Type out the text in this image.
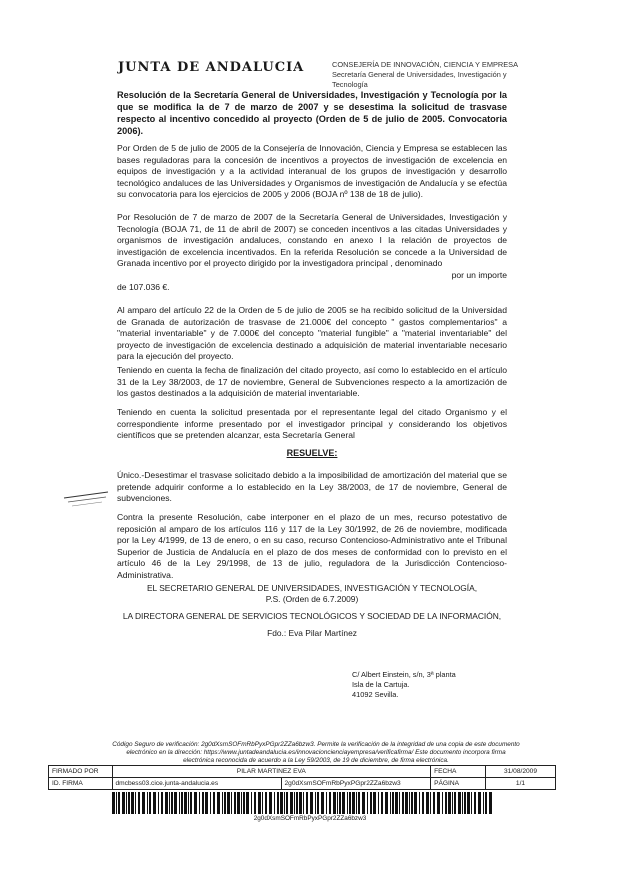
JUNTA DE ANDALUCIA	CONSEJERÍA DE INNOVACIÓN, CIENCIA Y EMPRESA
Secretaría General de Universidades, Investigación y Tecnología
Resolución de la Secretaría General de Universidades, Investigación y Tecnología por la que se modifica la de 7 de marzo de 2007 y se desestima la solicitud de trasvase respecto al incentivo concedido al proyecto (Orden de 5 de julio de 2005. Convocatoria 2006).
Por Orden de 5 de julio de 2005 de la Consejería de Innovación, Ciencia y Empresa se establecen las bases reguladoras para la concesión de incentivos a proyectos de investigación de excelencia en equipos de investigación y a la actividad interanual de los grupos de investigación y desarrollo tecnológico andaluces de las Universidades y Organismos de investigación de Andalucía y se efectúa su convocatoria para los ejercicios de 2005 y 2006 (BOJA nº 138 de 18 de julio).

Por Resolución de 7 de marzo de 2007 de la Secretaría General de Universidades, Investigación y Tecnología (BOJA 71, de 11 de abril de 2007) se conceden incentivos a las citadas Universidades y organismos de investigación andaluces, constando en anexo I la relación de proyectos de investigación de excelencia incentivados. En la referida Resolución se concede a la Universidad de Granada incentivo por el proyecto dirigido por la investigadora principal , denominado

por un importe

de 107.036 €.

Al amparo del artículo 22 de la Orden de 5 de julio de 2005 se ha recibido solicitud de la Universidad de Granada de autorización de trasvase de 21.000€ del concepto " gastos complementarios" a "material inventariable" y de 7.000€ del concepto "material fungible" a "material inventariable" del proyecto de investigación de excelencia destinado a adquisición de material inventariable necesario para la ejecución del proyecto.
Teniendo en cuenta la fecha de finalización del citado proyecto, así como lo establecido en el artículo 31 de la Ley 38/2003, de 17 de noviembre, General de Subvenciones respecto a la amortización de los gastos destinados a la adquisición de material inventariable.
Teniendo en cuenta la solicitud presentada por el representante legal del citado Organismo y el correspondiente informe presentado por el investigador principal y considerando los objetivos científicos que se pretenden alcanzar, esta Secretaría General
RESUELVE:
Único.-Desestimar el trasvase solicitado debido a la imposibilidad de amortización del material que se pretende adquirir conforme a lo establecido en la Ley 38/2003, de 17 de noviembre, General de subvenciones.
Contra la presente Resolución, cabe interponer en el plazo de un mes, recurso potestativo de reposición al amparo de los artículos 116 y 117 de la Ley 30/1992, de 26 de noviembre, modificada por la Ley 4/1999, de 13 de enero, o en su caso, recurso Contencioso-Administrativo ante el Tribunal Superior de Justicia de Andalucía en el plazo de dos meses de conformidad con lo previsto en el artículo 46 de la Ley 29/1998, de 13 de julio, reguladora de la Jurisdicción Contencioso-Administrativa.
EL SECRETARIO GENERAL DE UNIVERSIDADES, INVESTIGACIÓN Y TECNOLOGÍA,
P.S. (Orden de 6.7.2009)
LA DIRECTORA GENERAL DE SERVICIOS TECNOLÓGICOS Y SOCIEDAD DE LA INFORMACIÓN,
Fdo.: Eva Pilar Martínez
C/ Albert Einstein, s/n, 3ª planta
Isla de la Cartuja.
41092 Sevilla.
Código Seguro de verificación: 2g0dXsmSOFmRbPyxPGpr2ZZa6bzw3. Permite la verificación de la integridad de una copia de este documento electrónico en la dirección: https://www.juntadeandalucia.es/innovacioncienciayempresa/verificafirma/ Este documento incorpora firma electrónica reconocida de acuerdo a la Ley 59/2003, de 19 de diciembre, de firma electrónica.
FIRMADO POR	PILAR MARTINEZ EVA		FECHA	31/08/2009
ID. FIRMA	dmcbess03.cice.junta-andalucia.es	2g0dXsmSOFmRbPyxPGpr2ZZa6bzw3	PÁGINA	1/1
2g0dXsmSOFmRbPyxPGpr2ZZa6bzw3
